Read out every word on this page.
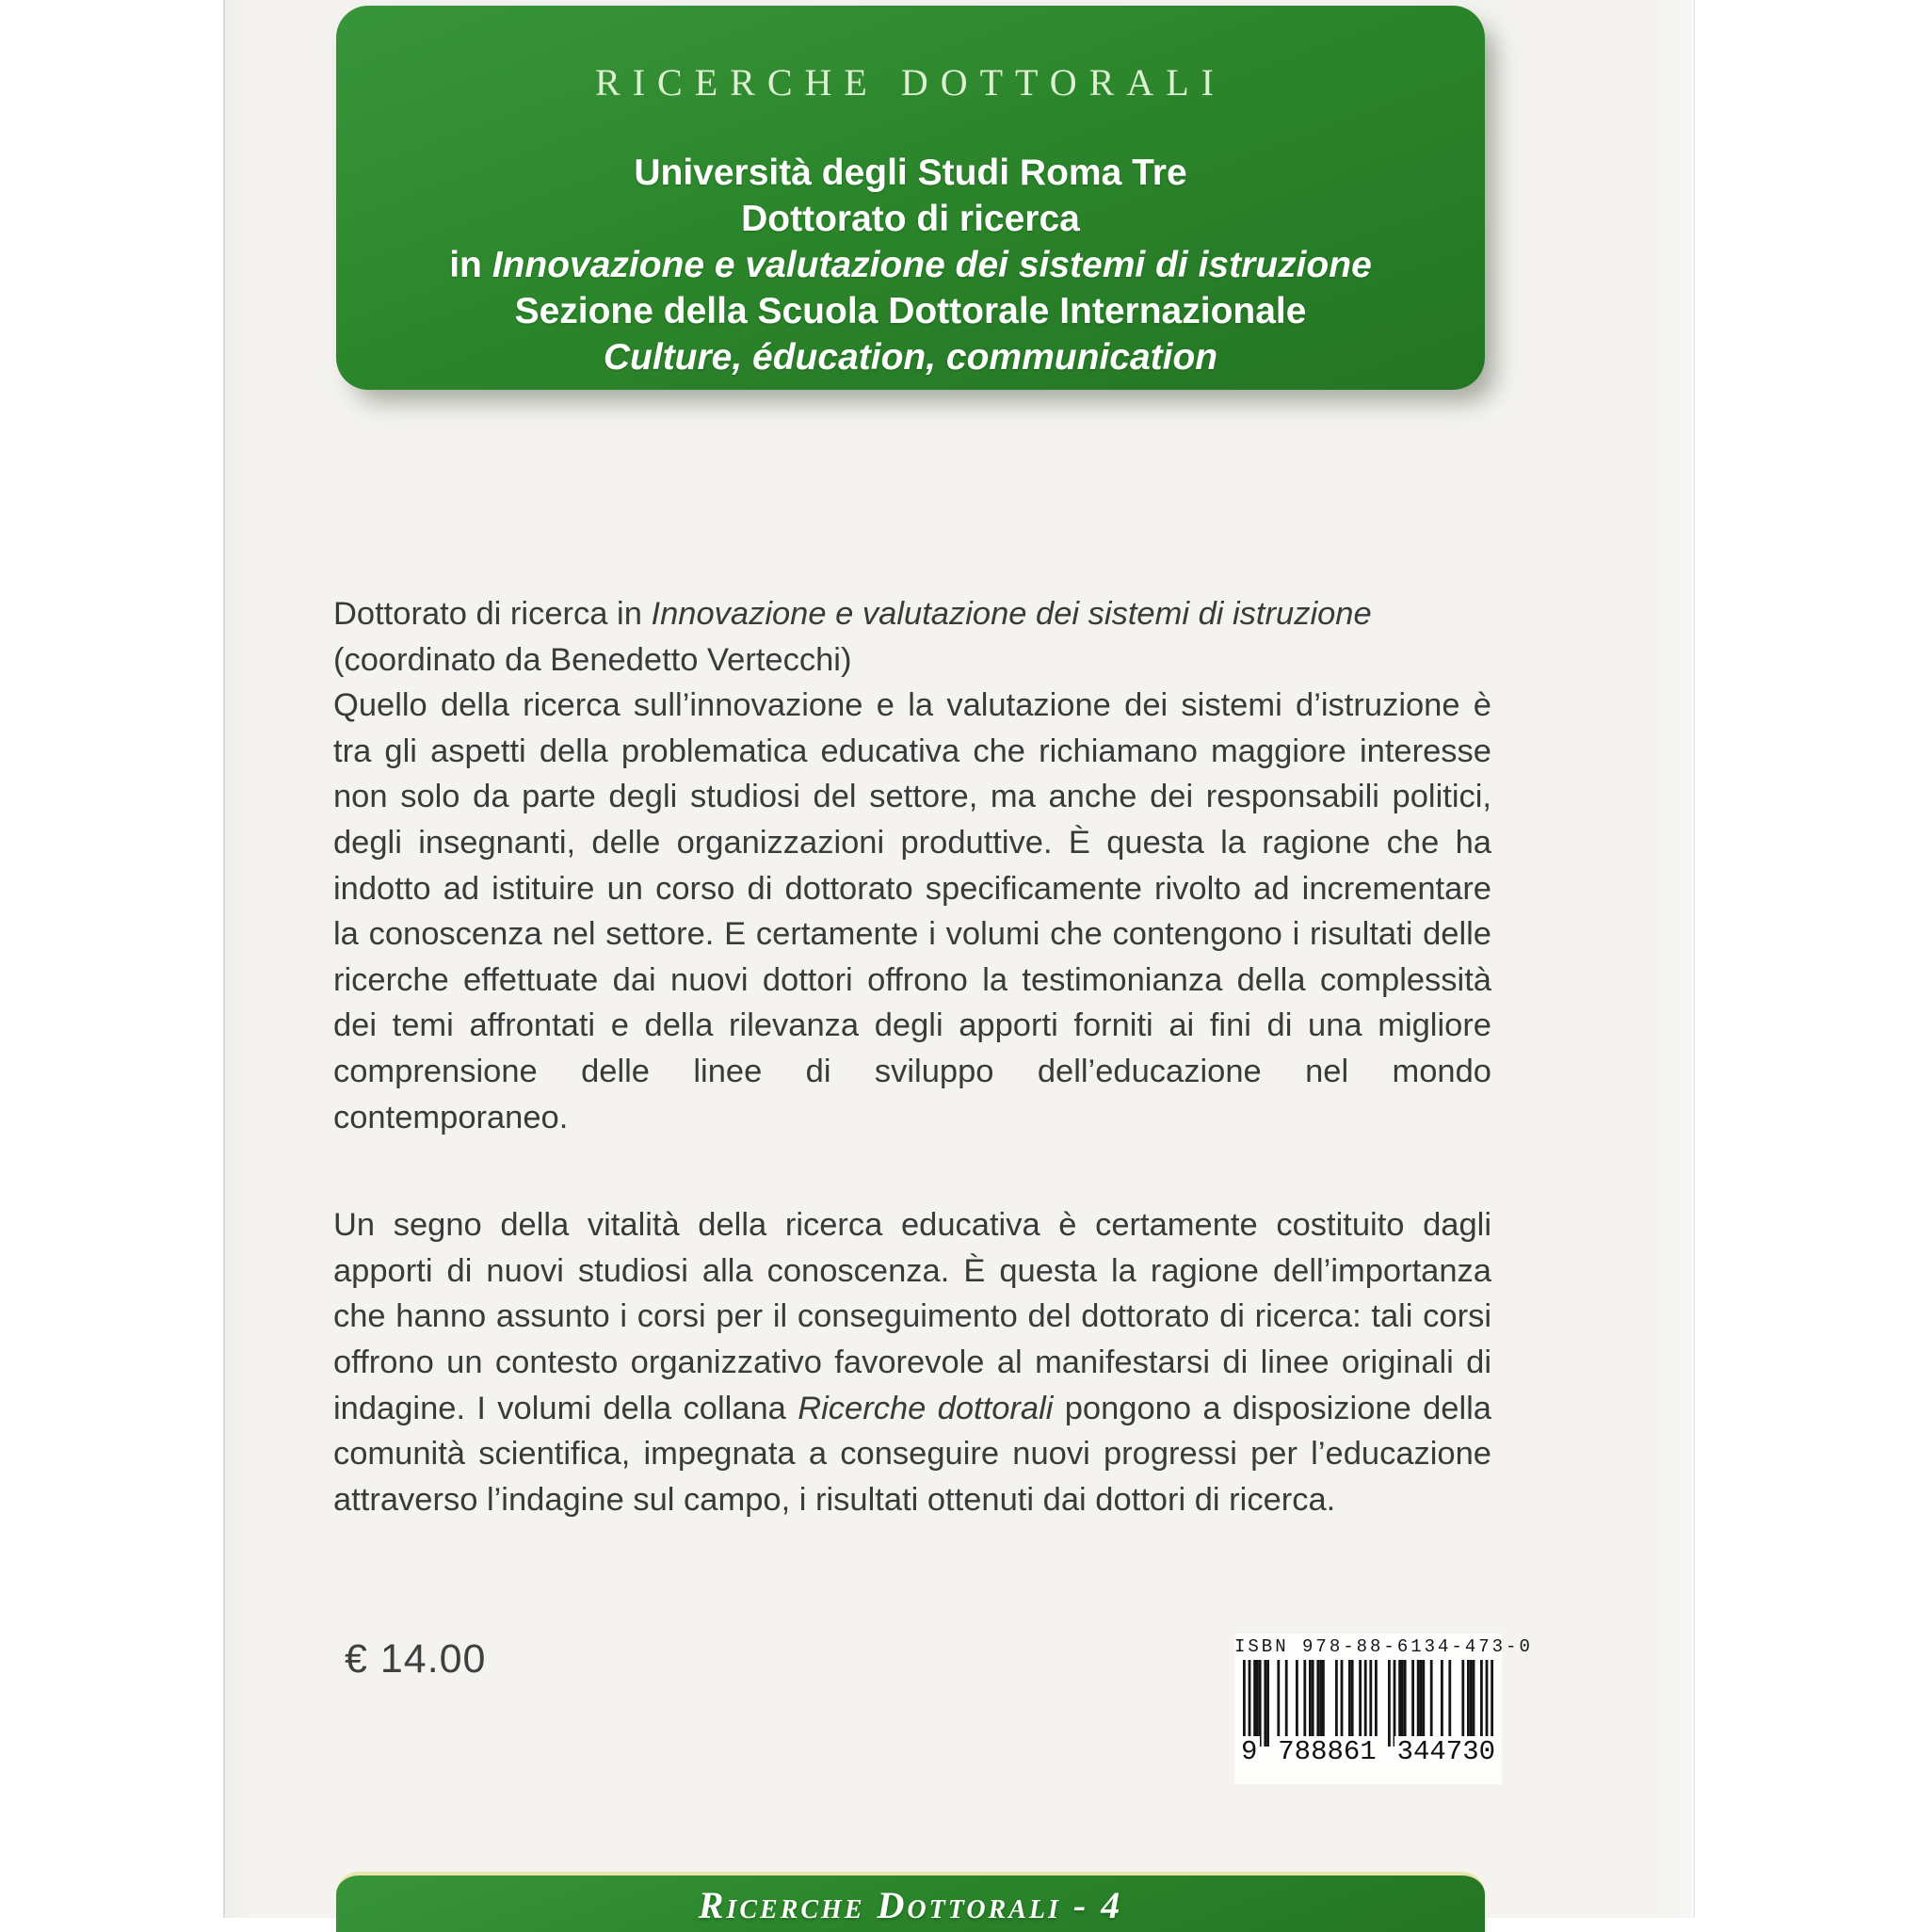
RICERCHE DOTTORALI
Università degli Studi Roma Tre
Dottorato di ricerca
in Innovazione e valutazione dei sistemi di istruzione
Sezione della Scuola Dottorale Internazionale
Culture, éducation, communication

Dottorato di ricerca in Innovazione e valutazione dei sistemi di istruzione
(coordinato da Benedetto Vertecchi)
Quello della ricerca sull’innovazione e la valutazione dei sistemi d’istruzione è tra gli aspetti della problematica educativa che richiamano maggiore interesse non solo da parte degli studiosi del settore, ma anche dei responsabili politici, degli insegnanti, delle organizzazioni produttive. È questa la ragione che ha indotto ad istituire un corso di dottorato specificamente rivolto ad incrementare la conoscenza nel settore. E certamente i volumi che contengono i risultati delle ricerche effettuate dai nuovi dottori offrono la testimonianza della complessità dei temi affrontati e della rilevanza degli apporti forniti ai fini di una migliore comprensione delle linee di sviluppo dell’educazione nel mondo contemporaneo.

Un segno della vitalità della ricerca educativa è certamente costituito dagli apporti di nuovi studiosi alla conoscenza. È questa la ragione dell’importanza che hanno assunto i corsi per il conseguimento del dottorato di ricerca: tali corsi offrono un contesto organizzativo favorevole al manifestarsi di linee originali di indagine. I volumi della collana Ricerche dottorali pongono a disposizione della comunità scientifica, impegnata a conseguire nuovi progressi per l’educazione attraverso l’indagine sul campo, i risultati ottenuti dai dottori di ricerca.

€ 14.00	ISBN 978-88-6134-473-0
9 788861 344730
Ricerche Dottorali - 4
